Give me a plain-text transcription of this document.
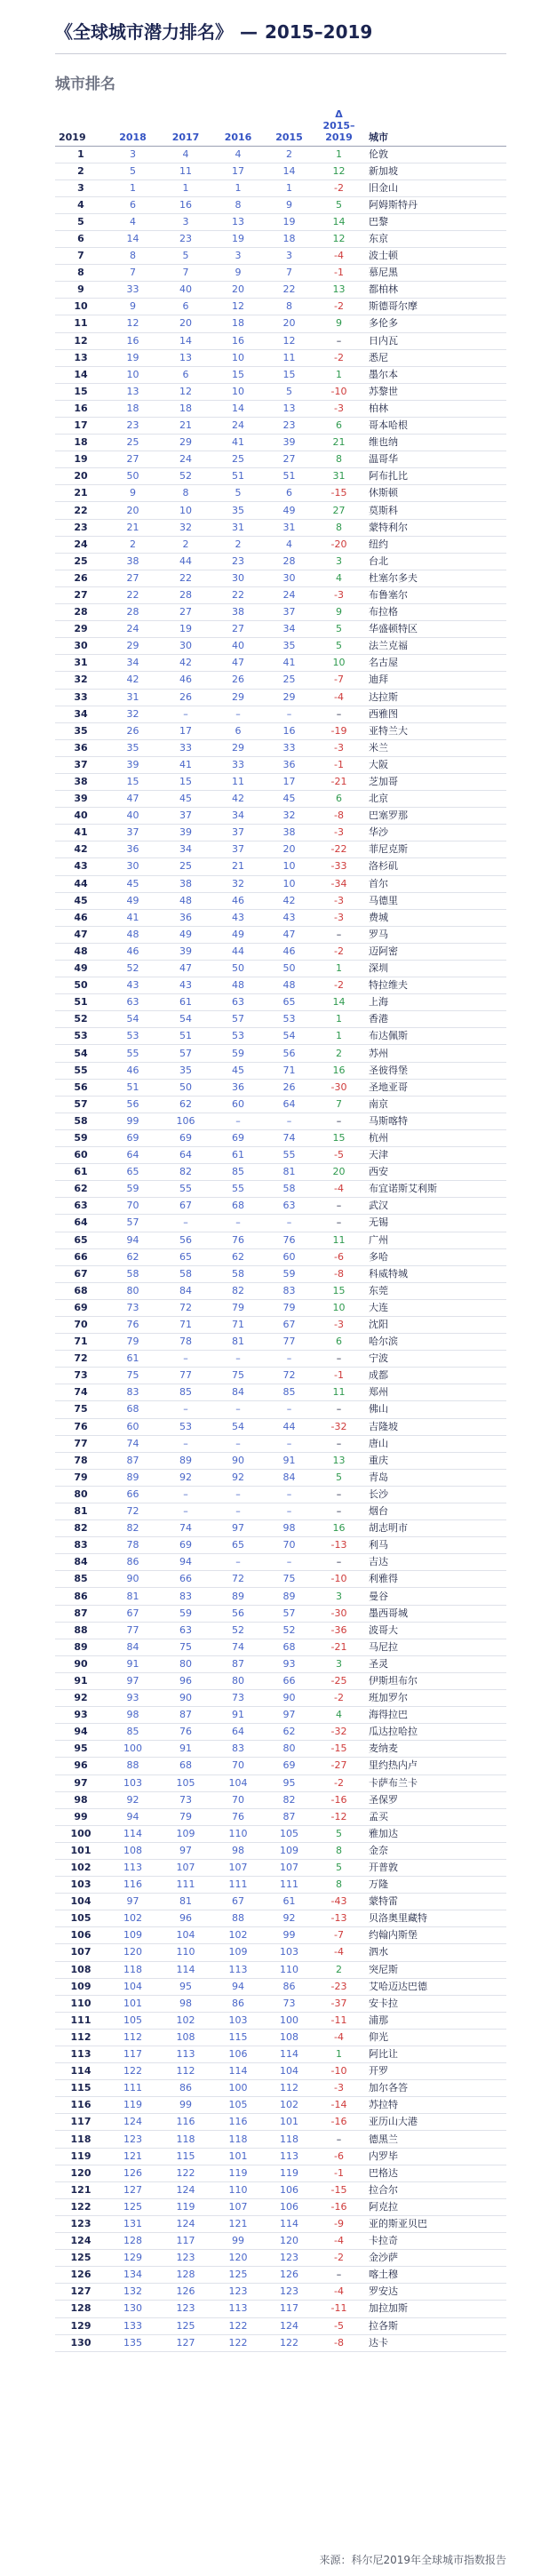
《全球城市潜力排名》 — 2015–2019
城市排名
2019	2018	2017	2016	2015	Δ
2015–2019	城市
1	3	4	4	2	1	伦敦
2	5	11	17	14	12	新加坡
3	1	1	1	1	-2	旧金山
4	6	16	8	9	5	阿姆斯特丹
5	4	3	13	19	14	巴黎
6	14	23	19	18	12	东京
7	8	5	3	3	-4	波士顿
8	7	7	9	7	-1	慕尼黑
9	33	40	20	22	13	都柏林
10	9	6	12	8	-2	斯德哥尔摩
11	12	20	18	20	9	多伦多
12	16	14	16	12	–	日内瓦
13	19	13	10	11	-2	悉尼
14	10	6	15	15	1	墨尔本
15	13	12	10	5	-10	苏黎世
16	18	18	14	13	-3	柏林
17	23	21	24	23	6	哥本哈根
18	25	29	41	39	21	维也纳
19	27	24	25	27	8	温哥华
20	50	52	51	51	31	阿布扎比
21	9	8	5	6	-15	休斯顿
22	20	10	35	49	27	莫斯科
23	21	32	31	31	8	蒙特利尔
24	2	2	2	4	-20	纽约
25	38	44	23	28	3	台北
26	27	22	30	30	4	杜塞尔多夫
27	22	28	22	24	-3	布鲁塞尔
28	28	27	38	37	9	布拉格
29	24	19	27	34	5	华盛顿特区
30	29	30	40	35	5	法兰克福
31	34	42	47	41	10	名古屋
32	42	46	26	25	-7	迪拜
33	31	26	29	29	-4	达拉斯
34	32	–	–	–	–	西雅图
35	26	17	6	16	-19	亚特兰大
36	35	33	29	33	-3	米兰
37	39	41	33	36	-1	大阪
38	15	15	11	17	-21	芝加哥
39	47	45	42	45	6	北京
40	40	37	34	32	-8	巴塞罗那
41	37	39	37	38	-3	华沙
42	36	34	37	20	-22	菲尼克斯
43	30	25	21	10	-33	洛杉矶
44	45	38	32	10	-34	首尔
45	49	48	46	42	-3	马德里
46	41	36	43	43	-3	费城
47	48	49	49	47	–	罗马
48	46	39	44	46	-2	迈阿密
49	52	47	50	50	1	深圳
50	43	43	48	48	-2	特拉维夫
51	63	61	63	65	14	上海
52	54	54	57	53	1	香港
53	53	51	53	54	1	布达佩斯
54	55	57	59	56	2	苏州
55	46	35	45	71	16	圣彼得堡
56	51	50	36	26	-30	圣地亚哥
57	56	62	60	64	7	南京
58	99	106	–	–	–	马斯喀特
59	69	69	69	74	15	杭州
60	64	64	61	55	-5	天津
61	65	82	85	81	20	西安
62	59	55	55	58	-4	布宜诺斯艾利斯
63	70	67	68	63	–	武汉
64	57	–	–	–	–	无锡
65	94	56	76	76	11	广州
66	62	65	62	60	-6	多哈
67	58	58	58	59	-8	科威特城
68	80	84	82	83	15	东莞
69	73	72	79	79	10	大连
70	76	71	71	67	-3	沈阳
71	79	78	81	77	6	哈尔滨
72	61	–	–	–	–	宁波
73	75	77	75	72	-1	成都
74	83	85	84	85	11	郑州
75	68	–	–	–	–	佛山
76	60	53	54	44	-32	吉隆坡
77	74	–	–	–	–	唐山
78	87	89	90	91	13	重庆
79	89	92	92	84	5	青岛
80	66	–	–	–	–	长沙
81	72	–	–	–	–	烟台
82	82	74	97	98	16	胡志明市
83	78	69	65	70	-13	利马
84	86	94	–	–	–	吉达
85	90	66	72	75	-10	利雅得
86	81	83	89	89	3	曼谷
87	67	59	56	57	-30	墨西哥城
88	77	63	52	52	-36	波哥大
89	84	75	74	68	-21	马尼拉
90	91	80	87	93	3	圣灵
91	97	96	80	66	-25	伊斯坦布尔
92	93	90	73	90	-2	班加罗尔
93	98	87	91	97	4	海得拉巴
94	85	76	64	62	-32	瓜达拉哈拉
95	100	91	83	80	-15	麦纳麦
96	88	68	70	69	-27	里约热内卢
97	103	105	104	95	-2	卡萨布兰卡
98	92	73	70	82	-16	圣保罗
99	94	79	76	87	-12	孟买
100	114	109	110	105	5	雅加达
101	108	97	98	109	8	金奈
102	113	107	107	107	5	开普敦
103	116	111	111	111	8	万隆
104	97	81	67	61	-43	蒙特雷
105	102	96	88	92	-13	贝洛奥里藏特
106	109	104	102	99	-7	约翰内斯堡
107	120	110	109	103	-4	泗水
108	118	114	113	110	2	突尼斯
109	104	95	94	86	-23	艾哈迈达巴德
110	101	98	86	73	-37	安卡拉
111	105	102	103	100	-11	浦那
112	112	108	115	108	-4	仰光
113	117	113	106	114	1	阿比让
114	122	112	114	104	-10	开罗
115	111	86	100	112	-3	加尔各答
116	119	99	105	102	-14	苏拉特
117	124	116	116	101	-16	亚历山大港
118	123	118	118	118	–	德黑兰
119	121	115	101	113	-6	内罗毕
120	126	122	119	119	-1	巴格达
121	127	124	110	106	-15	拉合尔
122	125	119	107	106	-16	阿克拉
123	131	124	121	114	-9	亚的斯亚贝巴
124	128	117	99	120	-4	卡拉奇
125	129	123	120	123	-2	金沙萨
126	134	128	125	126	–	喀土穆
127	132	126	123	123	-4	罗安达
128	130	123	113	117	-11	加拉加斯
129	133	125	122	124	-5	拉各斯
130	135	127	122	122	-8	达卡
来源：科尔尼2019年全球城市指数报告
